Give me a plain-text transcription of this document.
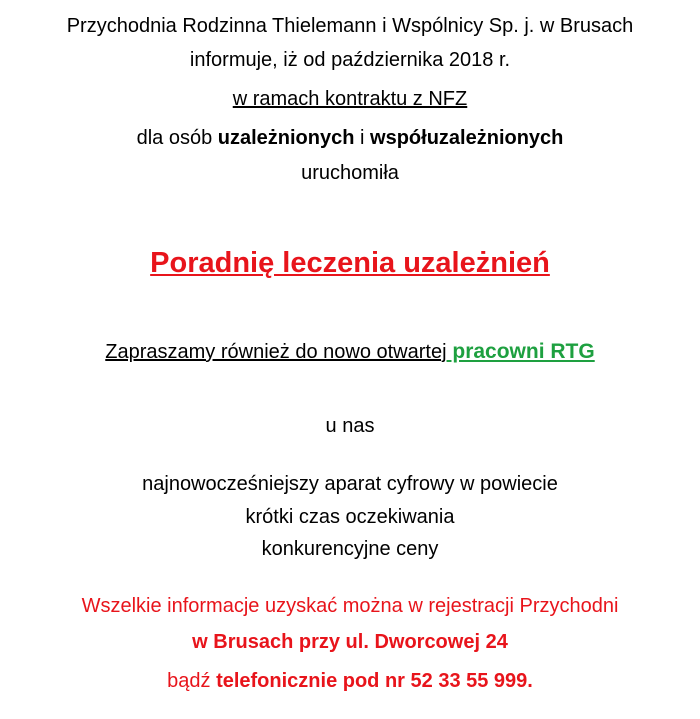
Przychodnia Rodzinna Thielemann i Wspólnicy Sp. j. w Brusach
informuje, iż od października 2018 r.
w ramach kontraktu z NFZ
dla osób uzależnionych i współuzależnionych
uruchomiła
Poradnię leczenia uzależnień
Zapraszamy również do nowo otwartej pracowni RTG
u nas
najnowocześniejszy aparat cyfrowy w powiecie
krótki czas oczekiwania
konkurencyjne ceny
Wszelkie informacje uzyskać można w rejestracji Przychodni
w Brusach przy ul. Dworcowej 24
bądź telefonicznie pod nr 52 33 55 999.
